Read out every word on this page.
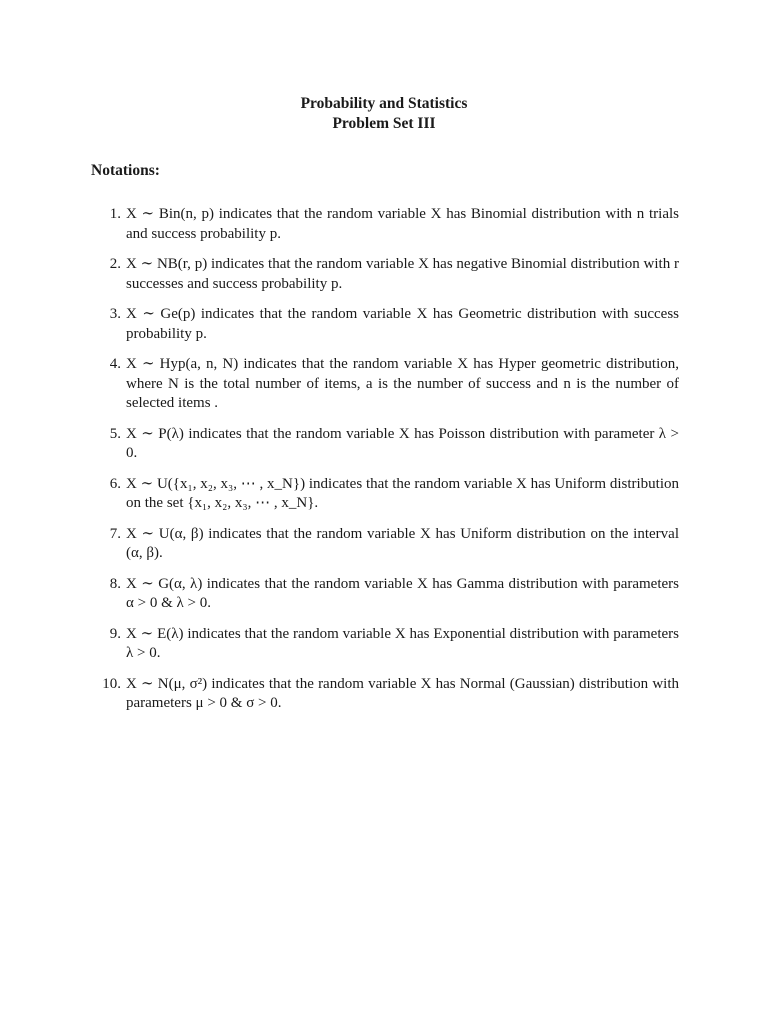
Probability and Statistics
Problem Set III
Notations:
1. X ∼ Bin(n, p) indicates that the random variable X has Binomial distribution with n trials and success probability p.
2. X ∼ NB(r, p) indicates that the random variable X has negative Binomial distribution with r successes and success probability p.
3. X ∼ Ge(p) indicates that the random variable X has Geometric distribution with success probability p.
4. X ∼ Hyp(a, n, N) indicates that the random variable X has Hyper geometric distribution, where N is the total number of items, a is the number of success and n is the number of selected items .
5. X ∼ P(λ) indicates that the random variable X has Poisson distribution with parameter λ > 0.
6. X ∼ U({x₁, x₂, x₃, ⋯ , x_N}) indicates that the random variable X has Uniform distribution on the set {x₁, x₂, x₃, ⋯ , x_N}.
7. X ∼ U(α, β) indicates that the random variable X has Uniform distribution on the interval (α, β).
8. X ∼ G(α, λ) indicates that the random variable X has Gamma distribution with parameters α > 0 & λ > 0.
9. X ∼ E(λ) indicates that the random variable X has Exponential distribution with parameters λ > 0.
10. X ∼ N(μ, σ²) indicates that the random variable X has Normal (Gaussian) distribution with parameters μ > 0 & σ > 0.
